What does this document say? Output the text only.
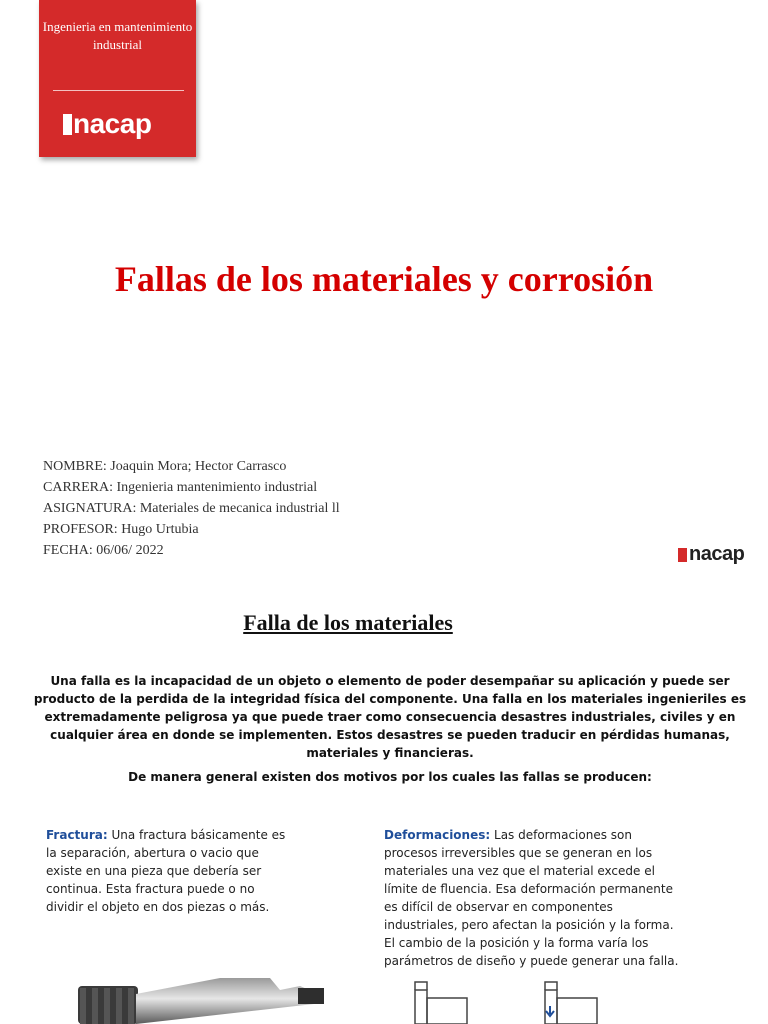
Ingenieria en mantenimiento industrial
nacap
Fallas de los materiales y corrosión
NOMBRE: Joaquin Mora; Hector Carrasco
CARRERA: Ingenieria mantenimiento industrial
ASIGNATURA: Materiales de mecanica industrial ll
PROFESOR: Hugo Urtubia
FECHA: 06/06/ 2022	nacap
Falla de los materiales

Una falla es la incapacidad de un objeto o elemento de poder desempañar su aplicación y puede ser producto de la perdida de la integridad física del componente. Una falla en los materiales ingenieriles es extremadamente peligrosa ya que puede traer como consecuencia desastres industriales, civiles y en cualquier área en donde se implementen. Estos desastres se pueden traducir en pérdidas humanas, materiales y financieras.

De manera general existen dos motivos por los cuales las fallas se producen:

Fractura: Una fractura básicamente es la separación, abertura o vacio que existe en una pieza que debería ser continua. Esta fractura puede o no dividir el objeto en dos piezas o más.

Deformaciones: Las deformaciones son procesos irreversibles que se generan en los materiales una vez que el material excede el límite de fluencia. Esa deformación permanente es difícil de observar en componentes industriales, pero afectan la posición y la forma. El cambio de la posición y la forma varía los parámetros de diseño y puede generar una falla.
